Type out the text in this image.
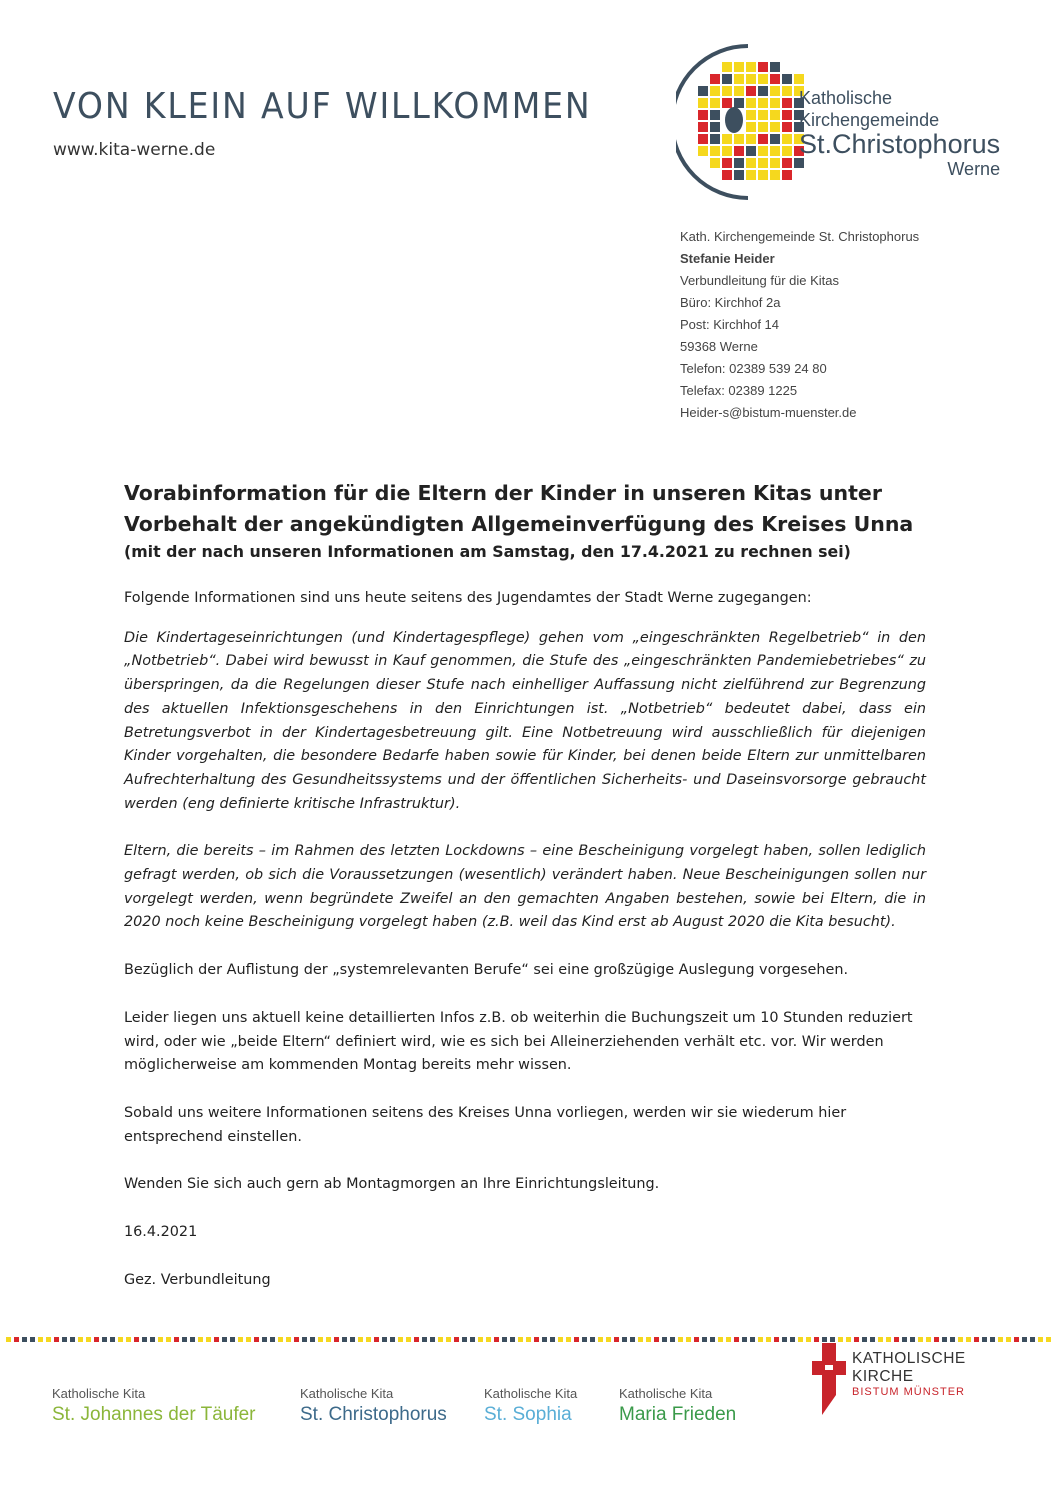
VON KLEIN AUF WILLKOMMEN
www.kita-werne.de
Katholische
Kirchengemeinde
St.Christophorus
Werne
Kath. Kirchengemeinde St. Christophorus
Stefanie Heider
Verbundleitung für die Kitas
Büro: Kirchhof 2a
Post: Kirchhof 14
59368 Werne
Telefon: 02389 539 24 80
Telefax: 02389 1225
Heider-s@bistum-muenster.de
Vorabinformation für die Eltern der Kinder in unseren Kitas unter
Vorbehalt der angekündigten Allgemeinverfügung des Kreises Unna
(mit der nach unseren Informationen am Samstag, den 17.4.2021 zu rechnen sei)

Folgende Informationen sind uns heute seitens des Jugendamtes der Stadt Werne zugegangen:

Die Kindertageseinrichtungen (und Kindertagespflege) gehen vom „eingeschränkten Regelbetrieb“ in den „Notbetrieb“. Dabei wird bewusst in Kauf genommen, die Stufe des „eingeschränkten Pandemiebetriebes“ zu überspringen, da die Regelungen dieser Stufe nach einhelliger Auffassung nicht zielführend zur Begrenzung des aktuellen Infektionsgeschehens in den Einrichtungen ist. „Notbetrieb“ bedeutet dabei, dass ein Betretungsverbot in der Kindertagesbetreuung gilt. Eine Notbetreuung wird ausschließlich für diejenigen Kinder vorgehalten, die besondere Bedarfe haben sowie für Kinder, bei denen beide Eltern zur unmittelbaren Aufrechterhaltung des Gesundheitssystems und der öffentlichen Sicherheits- und Daseinsvorsorge gebraucht werden (eng definierte kritische Infrastruktur).

Eltern, die bereits – im Rahmen des letzten Lockdowns – eine Bescheinigung vorgelegt haben, sollen lediglich gefragt werden, ob sich die Voraussetzungen (wesentlich) verändert haben. Neue Bescheinigungen sollen nur vorgelegt werden, wenn begründete Zweifel an den gemachten Angaben bestehen, sowie bei Eltern, die in 2020 noch keine Bescheinigung vorgelegt haben (z.B. weil das Kind erst ab August 2020 die Kita besucht).

Bezüglich der Auflistung der „systemrelevanten Berufe“ sei eine großzügige Auslegung vorgesehen.

Leider liegen uns aktuell keine detaillierten Infos z.B. ob weiterhin die Buchungszeit um 10 Stunden reduziert wird, oder wie „beide Eltern“ definiert wird, wie es sich bei Alleinerziehenden verhält etc. vor. Wir werden möglicherweise am kommenden Montag bereits mehr wissen.

Sobald uns weitere Informationen seitens des Kreises Unna vorliegen, werden wir sie wiederum hier entsprechend einstellen.

Wenden Sie sich auch gern ab Montagmorgen an Ihre Einrichtungsleitung.

16.4.2021

Gez. Verbundleitung

Katholische Kita
St. Johannes der Täufer
Katholische Kita
St. Christophorus
Katholische Kita
St. Sophia
Katholische Kita
Maria Frieden
KATHOLISCHE
KIRCHE
BISTUM MÜNSTER
